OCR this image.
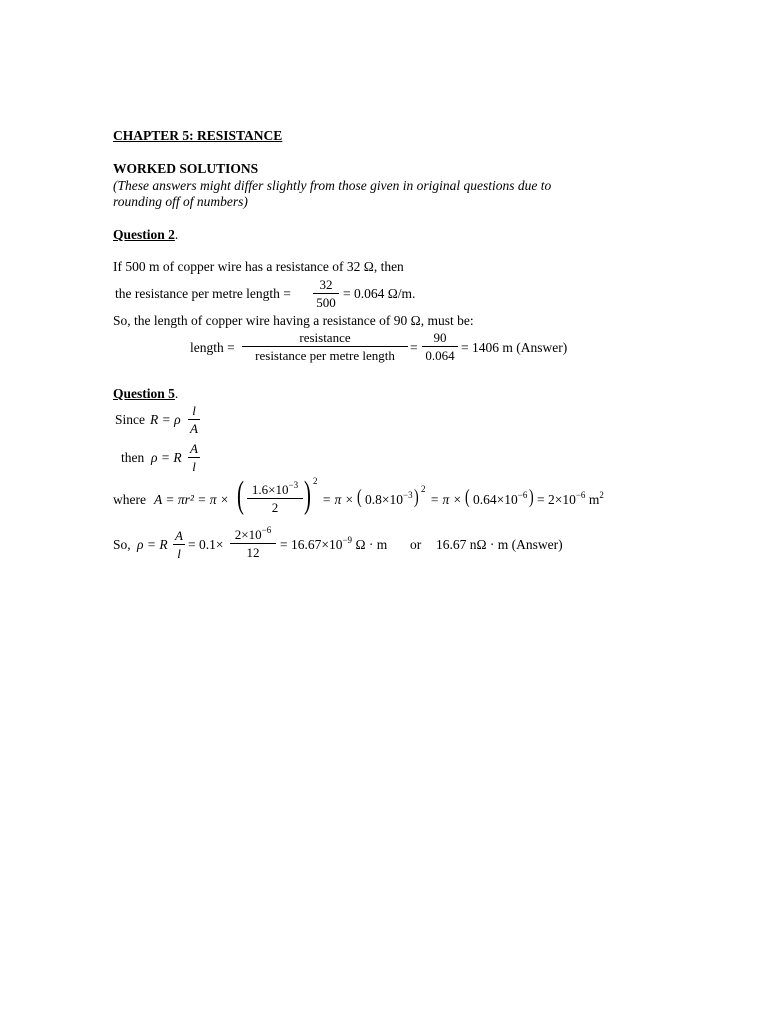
CHAPTER 5: RESISTANCE
WORKED SOLUTIONS
(These answers might differ slightly from those given in original questions due to
rounding off of numbers)
Question 2.
If 500 m of copper wire has a resistance of 32 Ω, then
the resistance per metre length =
32
500
= 0.064 Ω/m.
So, the length of copper wire having a resistance of 90 Ω, must be:
length =
resistance
resistance per metre length
=
90
0.064
= 1406 m (Answer)
Question 5.
Since R = ρ
l
A
then ρ = R
A
l
where A = πr² = π × ( $1.6\times 10^{-3}$
2 ) 2
= π × ( $0.8\times 10^{-3}$ ) 2
= π × ( $0.64\times 10^{-6}$ ) = $2\times 10^{-6}$ $m^2$
So, ρ = R
A
l
= 0.1×
$2\times 10^{-6}$
12
= $16.67\times 10^{-9}$ Ω · m or 16.67 nΩ · m (Answer)
